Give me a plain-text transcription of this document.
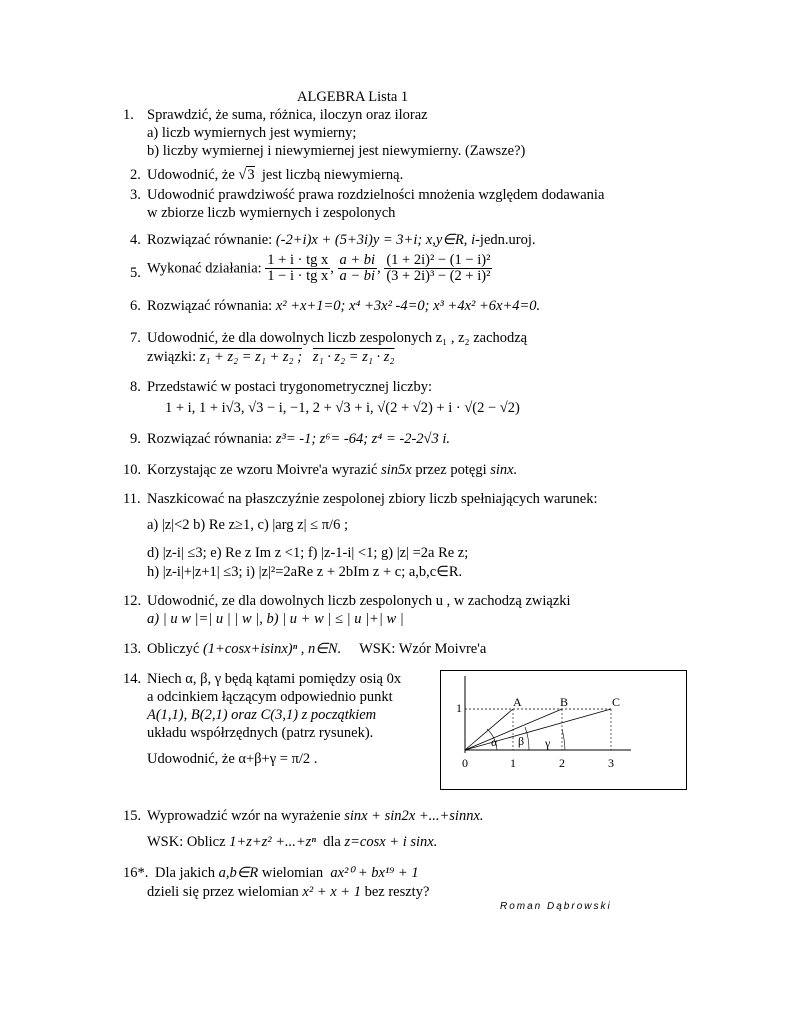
ALGEBRA Lista 1
1. Sprawdzić, że suma, różnica, iloczyn oraz iloraz
a) liczb wymiernych jest wymierny;
b) liczby wymiernej i niewymiernej jest niewymierny. (Zawsze?)
2. Udowodnić, że √3 jest liczbą niewymierną.
3. Udowodnić prawdziwość prawa rozdzielności mnożenia względem dodawania
w zbiorze liczb wymiernych i zespolonych
4. Rozwiązać równanie: (-2+i)x + (5+3i)y = 3+i; x,y∈R, i-jedn.uroj.
5. Wykonać działania: $\frac{\text{1 + i · tg x}}{\text{1 − i · tg x}}$ , $\frac{a + bi}{a - bi}$ , $\frac{\text{(1 + 2i)² − (1 − i)²}}{\text{(3 + 2i)³ − (2 + i)²}}$
6. Rozwiązać równania: x² +x+1=0; x⁴ +3x² -4=0; x³ +4x² +6x+4=0.
7. Udowodnić, że dla dowolnych liczb zespolonych z₁ , z₂ zachodzą
związki: z₁ + z₂ = z₁ + z₂ ; z₁ · z₂ = z₁ · z₂
8. Przedstawić w postaci trygonometrycznej liczby:
1 + i, 1 + i√3, √3 − i, −1, 2 + √3 + i, √(2 + √2) + i · √(2 − √2)
9. Rozwiązać równania: z³= -1; z⁶= -64; z⁴ = -2-2√3 i.
10. Korzystając ze wzoru Moivre'a wyrazić sin5x przez potęgi sinx.
11. Naszkicować na płaszczyźnie zespolonej zbiory liczb spełniających warunek:
a) |z|<2 b) Re z≥1, c) |arg z| ≤ π/6 ;
d) |z-i| ≤3; e) Re z Im z <1; f) |z-1-i| <1; g) |z| =2a Re z;
h) |z-i|+|z+1| ≤3; i) |z|²=2aRe z + 2bIm z + c; a,b,c∈R.
12. Udowodnić, ze dla dowolnych liczb zespolonych u , w zachodzą związki
a) | u w |=| u | | w |, b) | u + w | ≤ | u |+| w |
13. Obliczyć (1+cosx+isinx)ⁿ , n∈N. WSK: Wzór Moivre'a
14. Niech α, β, γ będą kątami pomiędzy osią 0x
a odcinkiem łączącym odpowiednio punkt
A(1,1), B(2,1) oraz C(3,1) z początkiem
układu współrzędnych (patrz rysunek).
Udowodnić, że α+β+γ = π/2 .
1	A	B	C
α β γ
0	1	2	3
15. Wyprowadzić wzór na wyrażenie sinx + sin2x +...+sinnx.
WSK: Oblicz 1+z+z² +...+zⁿ dla z=cosx + i sinx.
16*. Dla jakich a,b∈R wielomian ax²⁰ + bx¹⁹ + 1
dzieli się przez wielomian x² + x + 1 bez reszty?
Roman Dąbrowski
